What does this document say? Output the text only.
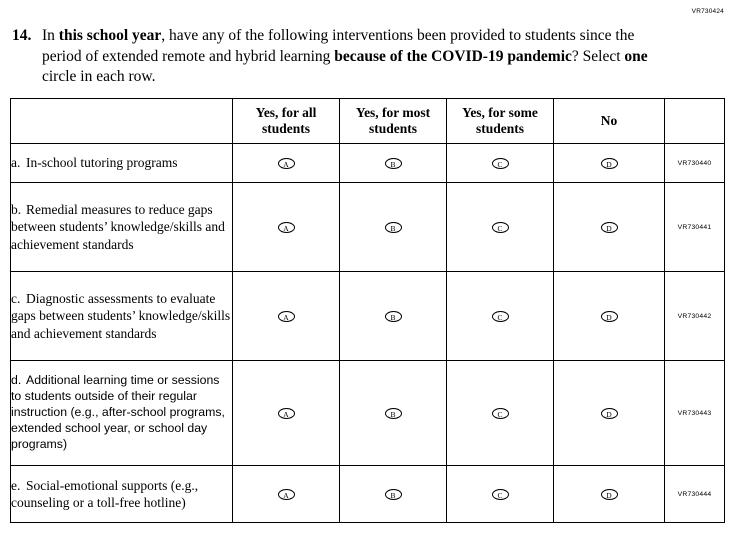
VR730424
14. In this school year, have any of the following interventions been provided to students since the period of extended remote and hybrid learning because of the COVID-19 pandemic? Select one circle in each row.
	Yes, for all students	Yes, for most students	Yes, for some students	No	
a. In-school tutoring programs	A	B	C	D	VR730440
b. Remedial measures to reduce gaps between students’ knowledge/skills and achievement standards	A	B	C	D	VR730441
c. Diagnostic assessments to evaluate gaps between students’ knowledge/skills and achievement standards	A	B	C	D	VR730442
d. Additional learning time or sessions to students outside of their regular instruction (e.g., after-school programs, extended school year, or school day programs)	A	B	C	D	VR730443
e. Social-emotional supports (e.g., counseling or a toll-free hotline)	A	B	C	D	VR730444
